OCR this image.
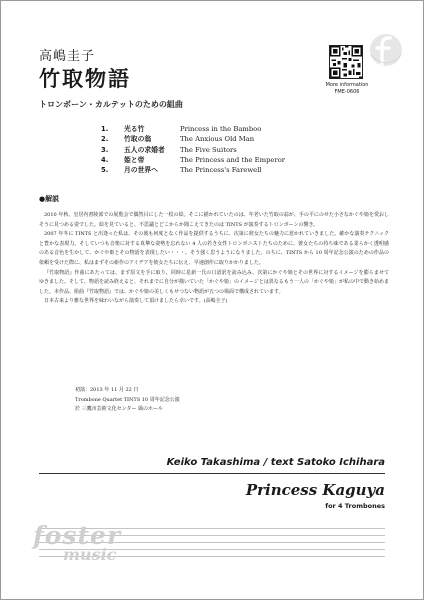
高嶋圭子
竹取物語
トロンボーン・カルテットのための組曲
More information
FME-0606
1.	光る竹	Princess in the Bamboo
2.	竹取の翁	The Anxious Old Man
3.	五人の求婚者	The Five Suitors
4.	姫と帝	The Princess and the Emperor
5.	月の世界へ	The Princess's Farewell
●解説

2010 年秋、皇居内書陵部での展覧会で偶然目にした一枚の絵。そこに描かれていたのは、年老いた竹取の翁が、手の平にのせた小さなかぐや姫を愛おしそうに見つめる姿でした。絵を見ていると、不思議とどこからか聞こえてきたのは TINTS が演奏するトロンボーンの響き。

2007 年冬に TINTS と出逢った私は、その後も何度となく作品を提供するうちに、次第に彼女たちの魅力に惹かれていきました。確かな演奏テクニックと豊かな表現力。そしていつも音楽に対する真摯な姿勢を忘れない 4 人の若き女性トロンボニストたちのために、彼女たちの持ち味である柔らかく透明感のある音色を生かして、かぐや姫とその物語を表現したい・・・。そう強く思うようになりました。のちに、TINTS から 10 周年記念公演のための作品の依頼を受けた際に、私はまずその新作のアイデアを彼女たちに伝え、早速創作に取りかかりました。

『竹取物語』作曲にあたっては、まず原文を手に取り、同時に星新一氏の口語訳を読み込み、次第にかぐや姫とその世界に対するイメージを膨らませてゆきました。そして、物語を読み終えると、それまでに自分が描いていた「かぐや姫」のイメージとは異なるもう一人の「かぐや姫」が私の中で動き始めました。本作品、組曲『竹取物語』では、かぐや姫の美しくもせつない物語が五つの場面で構成されています。

日本古来より雅な世界を味わいながら演奏して頂けましたら幸いです。(高嶋圭子)

初演：2013 年 11 月 22 日
Trombone Quartet TINTS 10 周年記念公演
於 三鷹市芸術文化センター 風のホール
Keiko Takashima / text Satoko Ichihara
Princess Kaguya
for 4 Trombones
foster
music
